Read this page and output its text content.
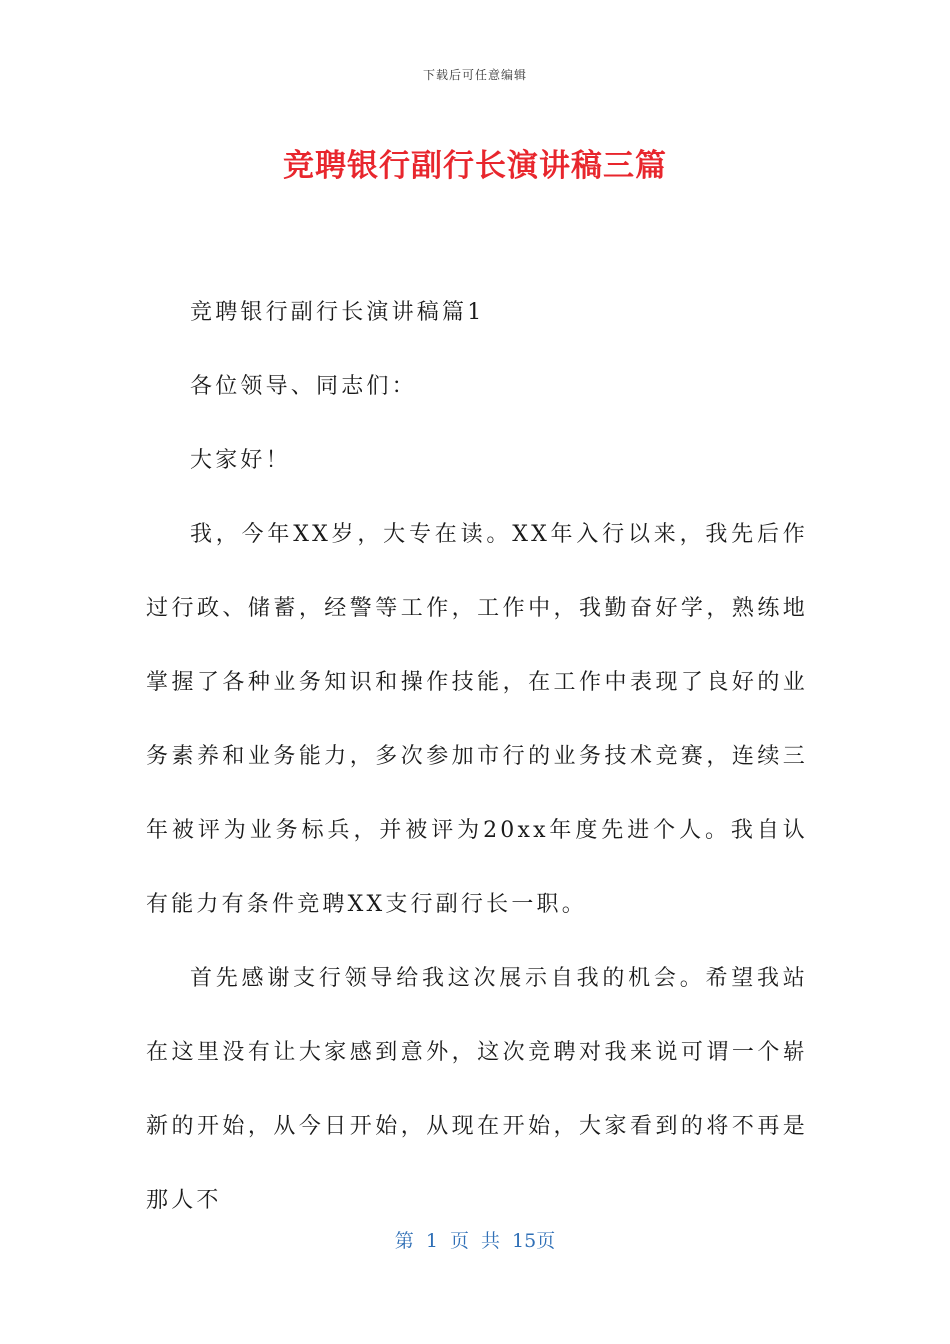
下载后可任意编辑
竞聘银行副行长演讲稿三篇

竞聘银行副行长演讲稿篇1

各位领导、同志们：

大家好！

我，今年XX岁，大专在读。XX年入行以来，我先后作过行政、储蓄，经警等工作，工作中，我勤奋好学，熟练地掌握了各种业务知识和操作技能，在工作中表现了良好的业务素养和业务能力，多次参加市行的业务技术竞赛，连续三年被评为业务标兵，并被评为20xx年度先进个人。我自认有能力有条件竞聘XX支行副行长一职。

首先感谢支行领导给我这次展示自我的机会。希望我站在这里没有让大家感到意外，这次竞聘对我来说可谓一个崭新的开始，从今日开始，从现在开始，大家看到的将不再是那人不

第 1 页 共 15页
